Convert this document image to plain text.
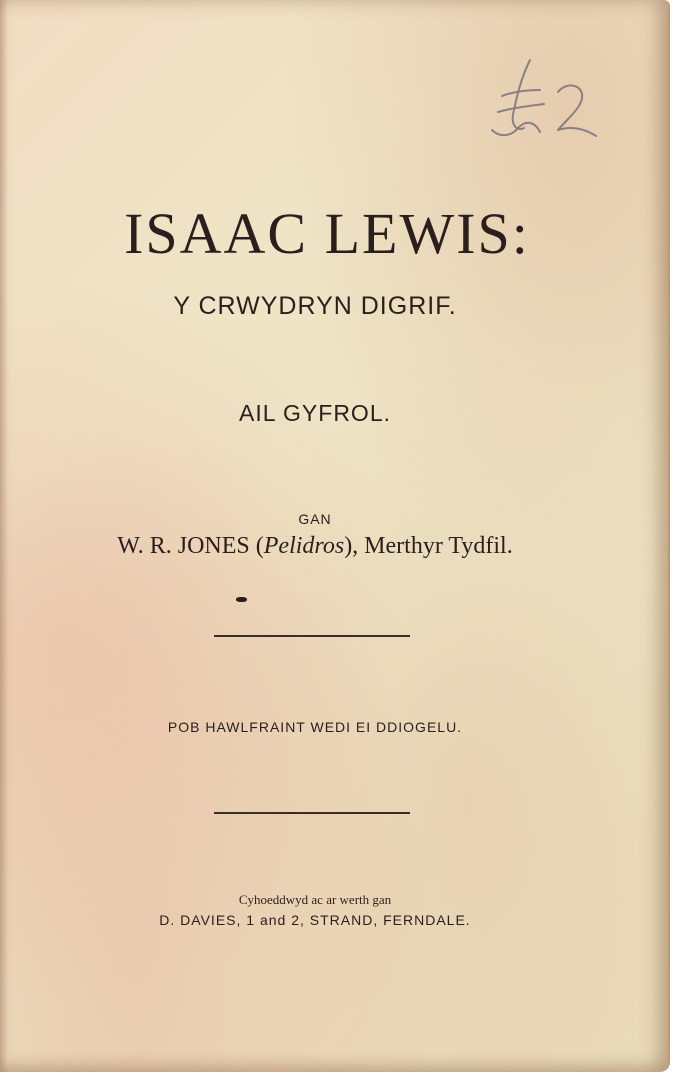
ISAAC LEWIS:
Y CRWYDRYN DIGRIF.
AIL GYFROL.
GAN
W. R. JONES (Pelidros), Merthyr Tydfil.
POB HAWLFRAINT WEDI EI DDIOGELU.
Cyhoeddwyd ac ar werth gan
D. DAVIES, 1 and 2, STRAND, FERNDALE.
